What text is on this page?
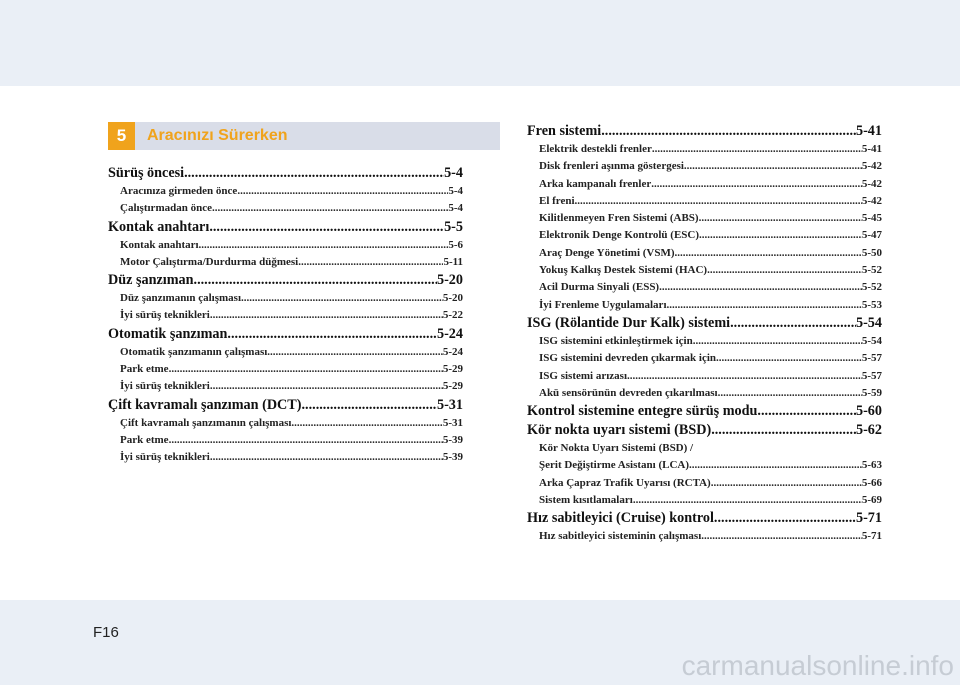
5	Aracınızı Sürerken
Sürüş öncesi .....	5-4
Aracınıza girmeden önce .....	5-4
Çalıştırmadan önce .....	5-4
Kontak anahtarı .....	5-5
Kontak anahtarı .....	5-6
Motor Çalıştırma/Durdurma düğmesi .....	5-11
Düz şanzıman .....	5-20
Düz şanzımanın çalışması .....	5-20
İyi sürüş teknikleri .....	5-22
Otomatik şanzıman .....	5-24
Otomatik şanzımanın çalışması .....	5-24
Park etme .....	5-29
İyi sürüş teknikleri .....	5-29
Çift kavramalı şanzıman (DCT) .....	5-31
Çift kavramalı şanzımanın çalışması .....	5-31
Park etme .....	5-39
İyi sürüş teknikleri .....	5-39
Fren sistemi .....	5-41
Elektrik destekli frenler .....	5-41
Disk frenleri aşınma göstergesi .....	5-42
Arka kampanalı frenler .....	5-42
El freni .....	5-42
Kilitlenmeyen Fren Sistemi (ABS) .....	5-45
Elektronik Denge Kontrolü (ESC) .....	5-47
Araç Denge Yönetimi (VSM) .....	5-50
Yokuş Kalkış Destek Sistemi (HAC) .....	5-52
Acil Durma Sinyali (ESS) .....	5-52
İyi Frenleme Uygulamaları .....	5-53
ISG (Rölantide Dur Kalk) sistemi .....	5-54
ISG sistemini etkinleştirmek için .....	5-54
ISG sistemini devreden çıkarmak için .....	5-57
ISG sistemi arızası .....	5-57
Akü sensörünün devreden çıkarılması .....	5-59
Kontrol sistemine entegre sürüş modu .....	5-60
Kör nokta uyarı sistemi (BSD) .....	5-62
Kör Nokta Uyarı Sistemi (BSD) /
Şerit Değiştirme Asistanı (LCA) .....	5-63
Arka Çapraz Trafik Uyarısı (RCTA) .....	5-66
Sistem kısıtlamaları .....	5-69
Hız sabitleyici (Cruise) kontrol .....	5-71
Hız sabitleyici sisteminin çalışması .....	5-71
F16
carmanualsonline.info
